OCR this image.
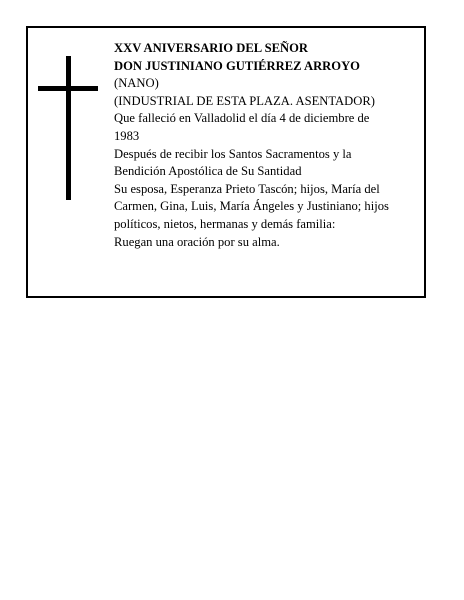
XXV ANIVERSARIO DEL SEÑOR
DON JUSTINIANO GUTIÉRREZ ARROYO
(NANO)
(INDUSTRIAL DE ESTA PLAZA. ASENTADOR)
Que falleció en Valladolid el día 4 de diciembre de
1983
Después de recibir los Santos Sacramentos y la
Bendición Apostólica de Su Santidad
Su esposa, Esperanza Prieto Tascón; hijos, María del
Carmen, Gina, Luis, María Ángeles y Justiniano; hijos
políticos, nietos, hermanas y demás familia:
Ruegan una oración por su alma.
